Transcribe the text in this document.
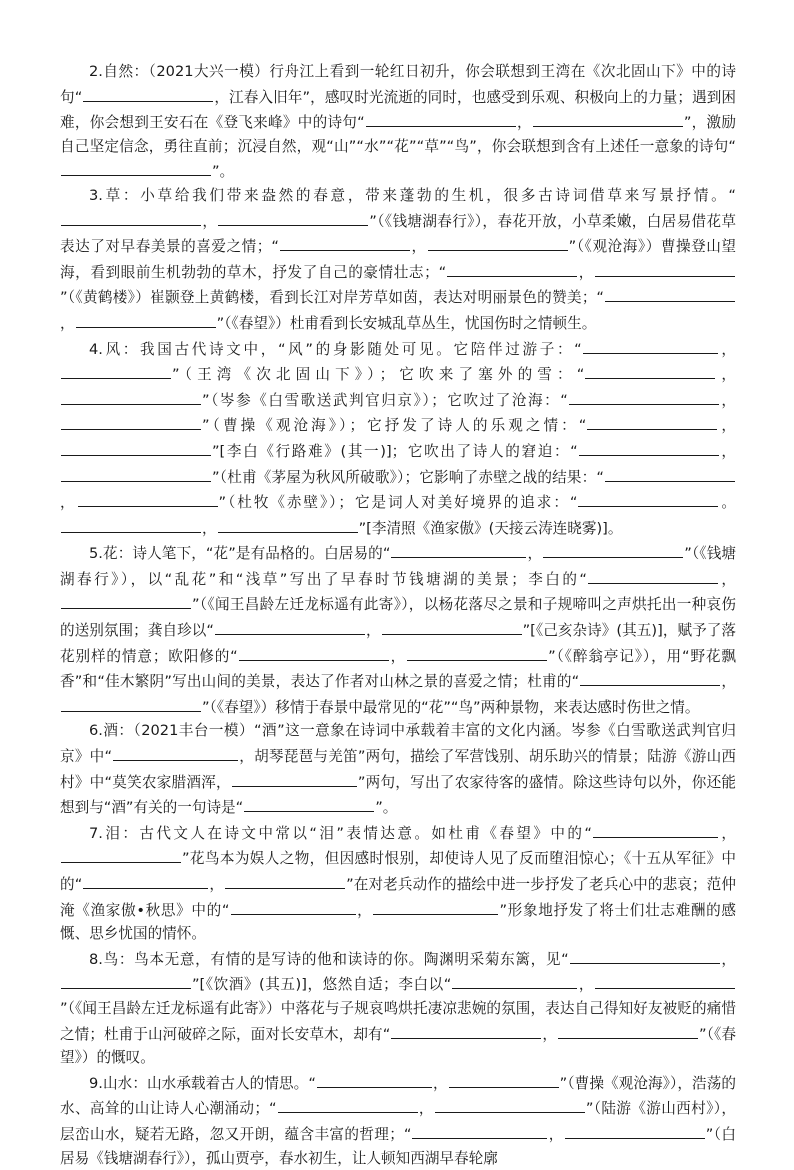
2.自然：（2021大兴一模）行舟江上看到一轮红日初升，你会联想到王湾在《次北固山下》中的诗句“	，江春入旧年”，感叹时光流逝的同时，也感受到乐观、积极向上的力量；遇到困难，你会想到王安石在《登飞来峰》中的诗句“	，	”，激励自己坚定信念，勇往直前；沉浸自然，观“山”“水”“花”“草”“鸟”，你会联想到含有上述任一意象的诗句“”。

3.草：小草给我们带来盎然的春意，带来蓬勃的生机，很多古诗词借草来写景抒情。“，	”（《钱塘湖春行》），春花开放，小草柔嫩，白居易借花草表达了对早春美景的喜爱之情；“	，	”（《观沧海》）曹操登山望海，看到眼前生机勃勃的草木，抒发了自己的豪情壮志；“	，”（《黄鹤楼》）崔颢登上黄鹤楼，看到长江对岸芳草如茵，表达对明丽景色的赞美；“，	”（《春望》）杜甫看到长安城乱草丛生，忧国伤时之情顿生。

4.风：我国古代诗文中，“风”的身影随处可见。它陪伴过游子：“	，”（王湾《次北固山下》）；它吹来了塞外的雪：“	，”（岑参《白雪歌送武判官归京》）；它吹过了沧海：“	，”（曹操《观沧海》）；它抒发了诗人的乐观之情：“	，”[李白《行路难》(其一)]；它吹出了诗人的窘迫：“	，”（杜甫《茅屋为秋风所破歌》）；它影响了赤壁之战的结果：“，	”（杜牧《赤壁》）；它是词人对美好境界的追求：“	。，	”[李清照《渔家傲》(天接云涛连晓雾)]。

5.花：诗人笔下，“花”是有品格的。白居易的“	，	”（《钱塘湖春行》），以“乱花”和“浅草”写出了早春时节钱塘湖的美景；李白的“	，”（《闻王昌龄左迁龙标遥有此寄》），以杨花落尽之景和子规啼叫之声烘托出一种哀伤的送别氛围；龚自珍以“	，	”[《己亥杂诗》(其五)]，赋予了落花别样的情意；欧阳修的“	，	”（《醉翁亭记》），用“野花飘香”和“佳木繁阴”写出山间的美景，表达了作者对山林之景的喜爱之情；杜甫的“	，”（《春望》）移情于春景中最常见的“花”“鸟”两种景物，来表达感时伤世之情。

6.酒：（2021丰台一模）“酒”这一意象在诗词中承载着丰富的文化内涵。岑参《白雪歌送武判官归京》中“	，胡琴琵琶与羌笛”两句，描绘了军营饯别、胡乐助兴的情景；陆游《游山西村》中“莫笑农家腊酒浑，	”两句，写出了农家待客的盛情。除这些诗句以外，你还能想到与“酒”有关的一句诗是“	”。

7.泪：古代文人在诗文中常以“泪”表情达意。如杜甫《春望》中的“	，”花鸟本为娱人之物，但因感时恨别，却使诗人见了反而堕泪惊心；《十五从军征》中的“	，	”在对老兵动作的描绘中进一步抒发了老兵心中的悲哀；范仲淹《渔家傲•秋思》中的“	，	”形象地抒发了将士们壮志难酬的感慨、思乡忧国的情怀。

8.鸟：鸟本无意，有情的是写诗的他和读诗的你。陶渊明采菊东篱，见“	，”[《饮酒》(其五)]，悠然自适；李白以“	，”（《闻王昌龄左迁龙标遥有此寄》）中落花与子规哀鸣烘托凄凉悲婉的氛围，表达自己得知好友被贬的痛惜之情；杜甫于山河破碎之际，面对长安草木，却有“	，	”（《春望》）的慨叹。

9.山水：山水承载着古人的情思。“	，	”（曹操《观沧海》），浩荡的水、高耸的山让诗人心潮涌动；“	，	”（陆游《游山西村》），层峦山水，疑若无路，忽又开朗，蕴含丰富的哲理；“	，	”（白居易《钱塘湖春行》），孤山贾亭，春水初生，让人顿知西湖早春轮廓
